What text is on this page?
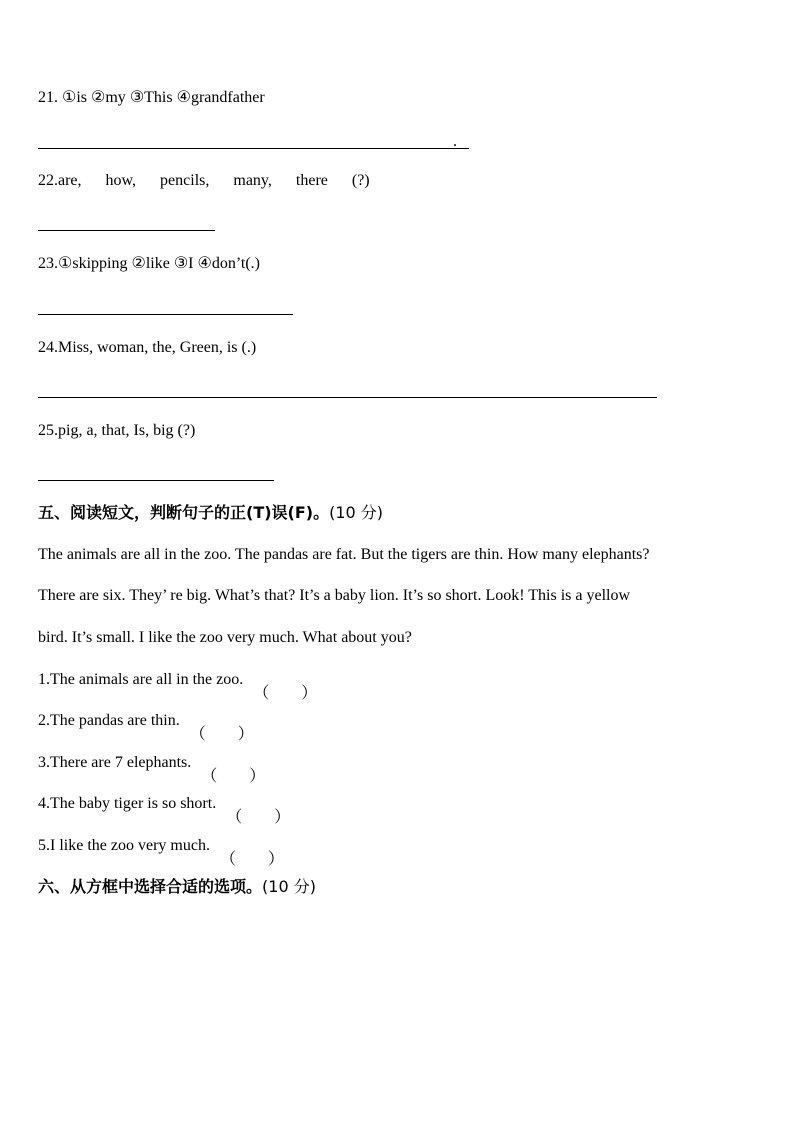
21. ①is ②my ③This ④grandfather
.
22.are, how, pencils, many, there (?)
23.①skipping ②like ③I ④don’t(.)
24.Miss, woman, the, Green, is (.)
25.pig, a, that, Is, big (?)
五、阅读短文，判断句子的正(T)误(F)。(10 分)
The animals are all in the zoo. The pandas are fat. But the tigers are thin. How many elephants?
There are six. They’ re big. What’s that? It’s a baby lion. It’s so short. Look! This is a yellow
bird. It’s small. I like the zoo very much. What about you?
1.The animals are all in the zoo.
（ ）
2.The pandas are thin.
（ ）
3.There are 7 elephants.
（ ）
4.The baby tiger is so short.
（ ）
5.I like the zoo very much.
（ ）
六、从方框中选择合适的选项。(10 分)
